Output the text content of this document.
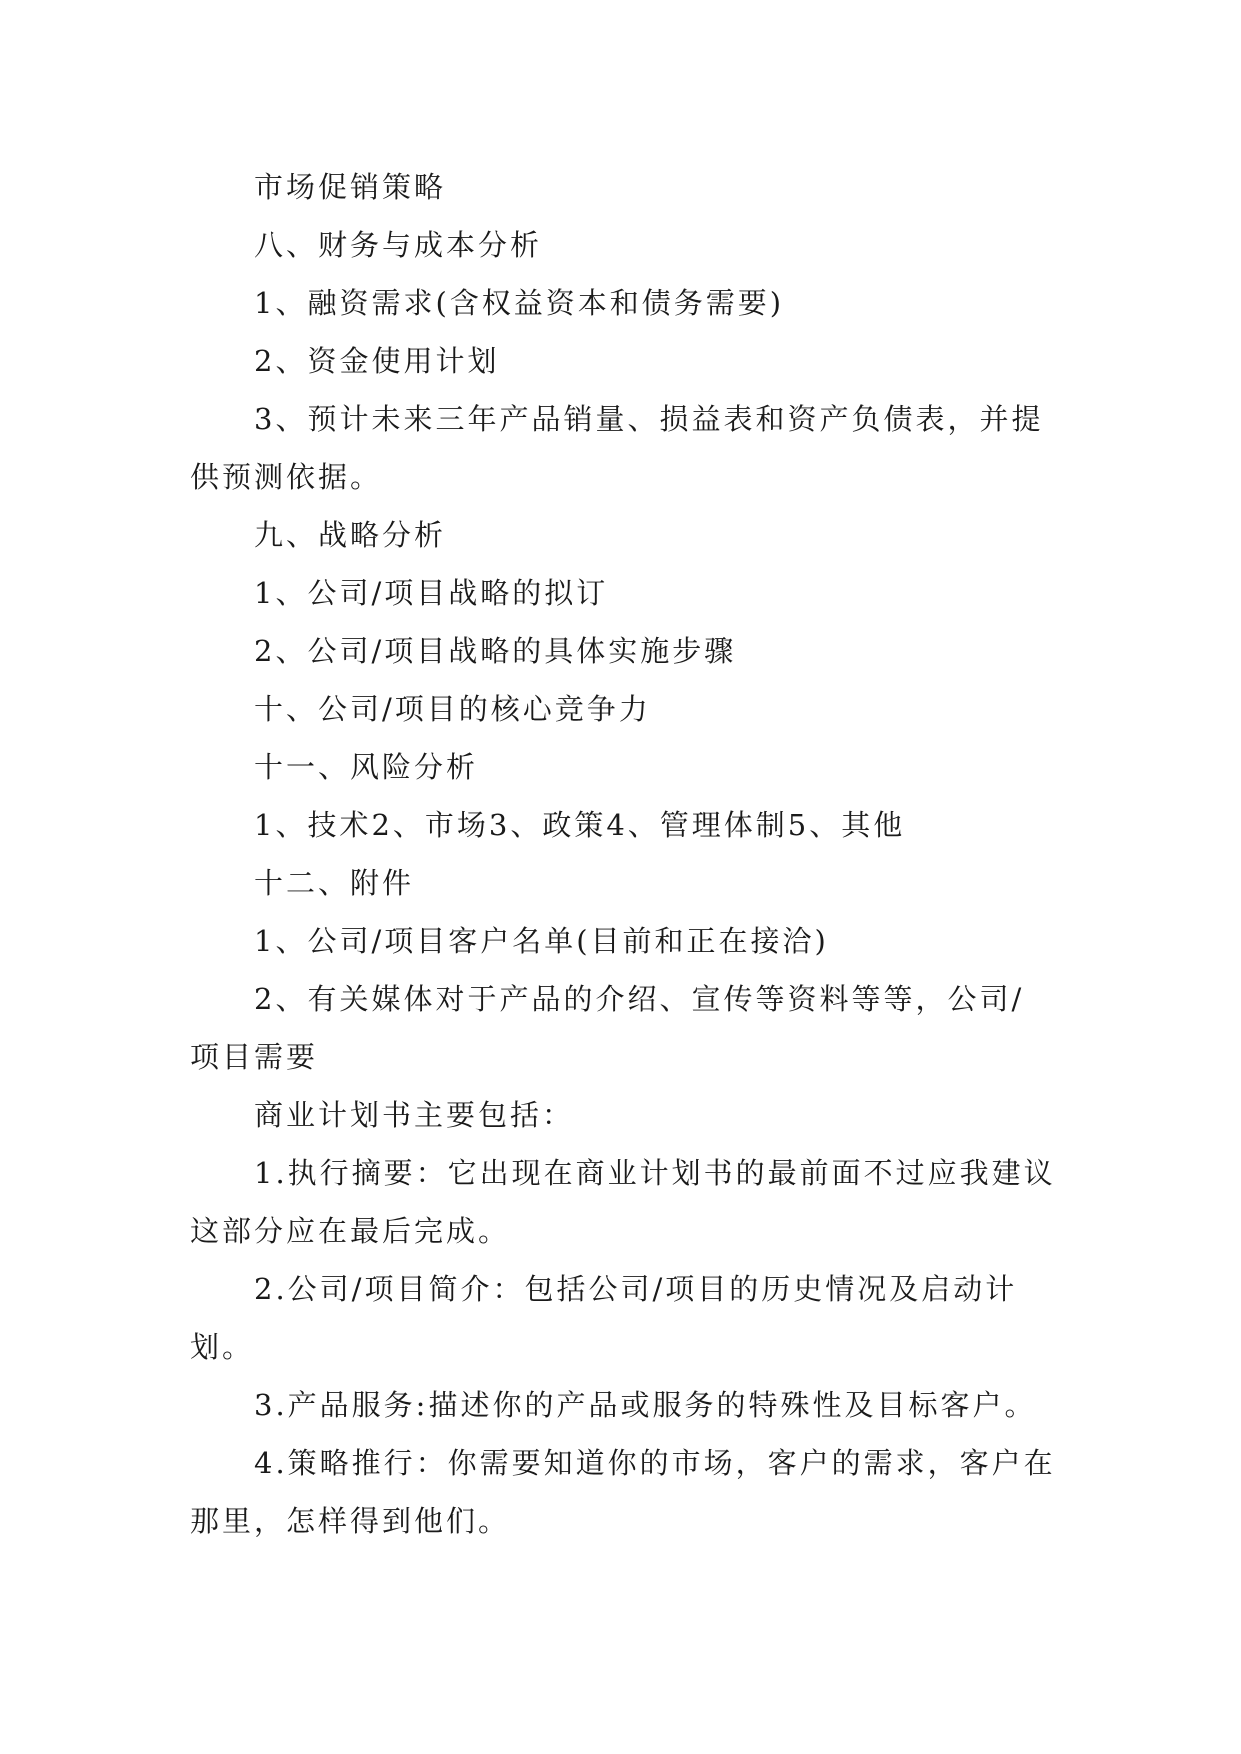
市场促销策略

八、财务与成本分析

1、融资需求(含权益资本和债务需要)

2、资金使用计划

3、预计未来三年产品销量、损益表和资产负债表，并提供预测依据。

九、战略分析

1、公司/项目战略的拟订

2、公司/项目战略的具体实施步骤

十、公司/项目的核心竞争力

十一、风险分析

1、技术2、市场3、政策4、管理体制5、其他

十二、附件

1、公司/项目客户名单(目前和正在接洽)

2、有关媒体对于产品的介绍、宣传等资料等等，公司/项目需要

商业计划书主要包括：

1.执行摘要：它出现在商业计划书的最前面不过应我建议这部分应在最后完成。

2.公司/项目简介：包括公司/项目的历史情况及启动计划。

3.产品服务:描述你的产品或服务的特殊性及目标客户。

4.策略推行：你需要知道你的市场，客户的需求，客户在那里，怎样得到他们。
